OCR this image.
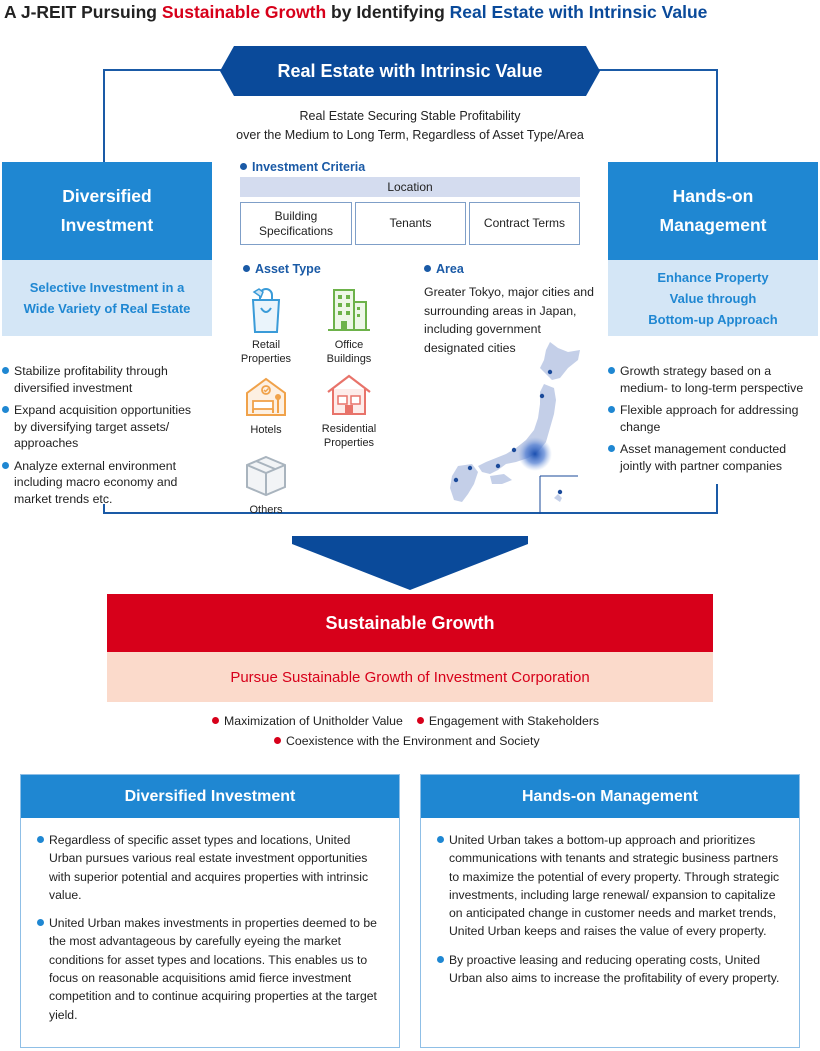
A J-REIT Pursuing Sustainable Growth by Identifying Real Estate with Intrinsic Value
Real Estate with Intrinsic Value
Real Estate Securing Stable Profitability
over the Medium to Long Term, Regardless of Asset Type/Area
Diversified
Investment
Selective Investment in a
Wide Variety of Real Estate
Stabilize profitability through diversified investment
Expand acquisition opportunities by diversifying target assets/ approaches
Analyze external environment including macro economy and market trends etc.
Hands-on
Management
Enhance Property
Value through
Bottom-up Approach
Growth strategy based on a medium- to long-term perspective
Flexible approach for addressing change
Asset management conducted jointly with partner companies
Investment Criteria
Location
Building
Specifications
Tenants	Contract Terms
Asset Type
Retail
Properties
Office
Buildings
Hotels	Residential
Properties
Others
Area
Greater Tokyo, major cities and surrounding areas in Japan, including government designated cities
Sustainable Growth
Pursue Sustainable Growth of Investment Corporation
Maximization of Unitholder Value Engagement with Stakeholders
Coexistence with the Environment and Society
Diversified Investment
Regardless of specific asset types and locations, United Urban pursues various real estate investment opportunities with superior potential and acquires properties with intrinsic value.
United Urban makes investments in properties deemed to be the most advantageous by carefully eyeing the market conditions for asset types and locations. This enables us to focus on reasonable acquisitions amid fierce investment competition and to continue acquiring properties at the target yield.
Hands-on Management
United Urban takes a bottom-up approach and prioritizes communications with tenants and strategic business partners to maximize the potential of every property. Through strategic investments, including large renewal/ expansion to capitalize on anticipated change in customer needs and market trends, United Urban keeps and raises the value of every property.
By proactive leasing and reducing operating costs, United Urban also aims to increase the profitability of every property.
